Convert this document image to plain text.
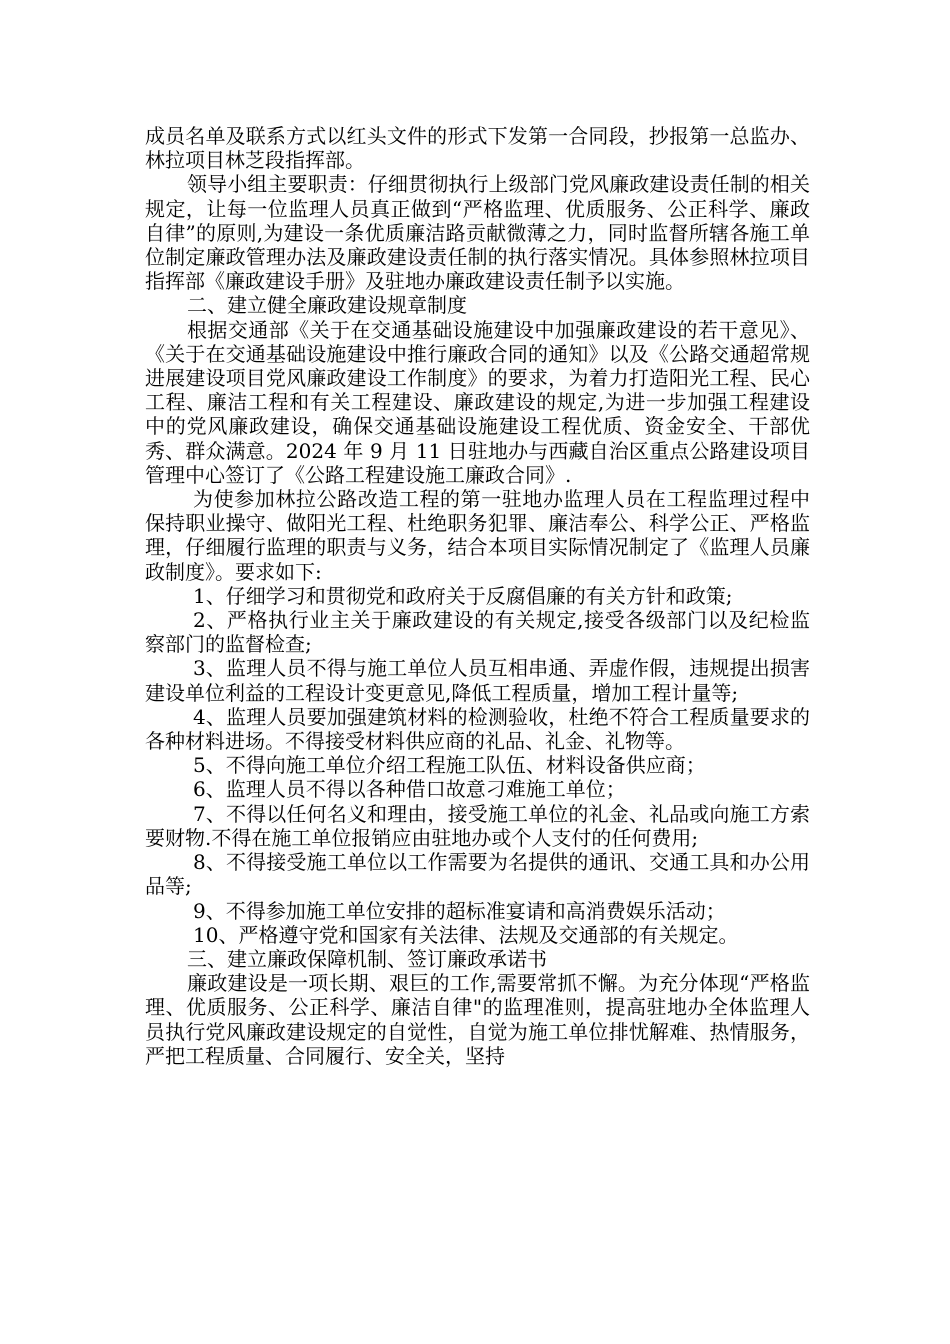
成员名单及联系方式以红头文件的形式下发第一合同段，抄报第一总监办、林拉项目林芝段指挥部。

领导小组主要职责：仔细贯彻执行上级部门党风廉政建设责任制的相关规定，让每一位监理人员真正做到“严格监理、优质服务、公正科学、廉政自律”的原则,为建设一条优质廉洁路贡献微薄之力，同时监督所辖各施工单位制定廉政管理办法及廉政建设责任制的执行落实情况。具体参照林拉项目指挥部《廉政建设手册》及驻地办廉政建设责任制予以实施。

二、建立健全廉政建设规章制度

根据交通部《关于在交通基础设施建设中加强廉政建设的若干意见》、《关于在交通基础设施建设中推行廉政合同的通知》以及《公路交通超常规进展建设项目党风廉政建设工作制度》的要求，为着力打造阳光工程、民心工程、廉洁工程和有关工程建设、廉政建设的规定,为进一步加强工程建设中的党风廉政建设，确保交通基础设施建设工程优质、资金安全、干部优秀、群众满意。2024 年 9 月 11 日驻地办与西藏自治区重点公路建设项目管理中心签订了《公路工程建设施工廉政合同》.

为使参加林拉公路改造工程的第一驻地办监理人员在工程监理过程中保持职业操守、做阳光工程、杜绝职务犯罪、廉洁奉公、科学公正、严格监理，仔细履行监理的职责与义务，结合本项目实际情况制定了《监理人员廉政制度》。要求如下:

1、仔细学习和贯彻党和政府关于反腐倡廉的有关方针和政策;

2、严格执行业主关于廉政建设的有关规定,接受各级部门以及纪检监察部门的监督检查;

3、监理人员不得与施工单位人员互相串通、弄虚作假，违规提出损害建设单位利益的工程设计变更意见,降低工程质量，增加工程计量等;

4、监理人员要加强建筑材料的检测验收，杜绝不符合工程质量要求的各种材料进场。不得接受材料供应商的礼品、礼金、礼物等。

5、不得向施工单位介绍工程施工队伍、材料设备供应商；

6、监理人员不得以各种借口故意刁难施工单位；

7、不得以任何名义和理由，接受施工单位的礼金、礼品或向施工方索要财物.不得在施工单位报销应由驻地办或个人支付的任何费用;

8、不得接受施工单位以工作需要为名提供的通讯、交通工具和办公用品等;

9、不得参加施工单位安排的超标准宴请和高消费娱乐活动；

10、严格遵守党和国家有关法律、法规及交通部的有关规定。

三、建立廉政保障机制、签订廉政承诺书

廉政建设是一项长期、艰巨的工作,需要常抓不懈。为充分体现“严格监理、优质服务、公正科学、廉洁自律"的监理准则，提高驻地办全体监理人员执行党风廉政建设规定的自觉性，自觉为施工单位排忧解难、热情服务，严把工程质量、合同履行、安全关，坚持
